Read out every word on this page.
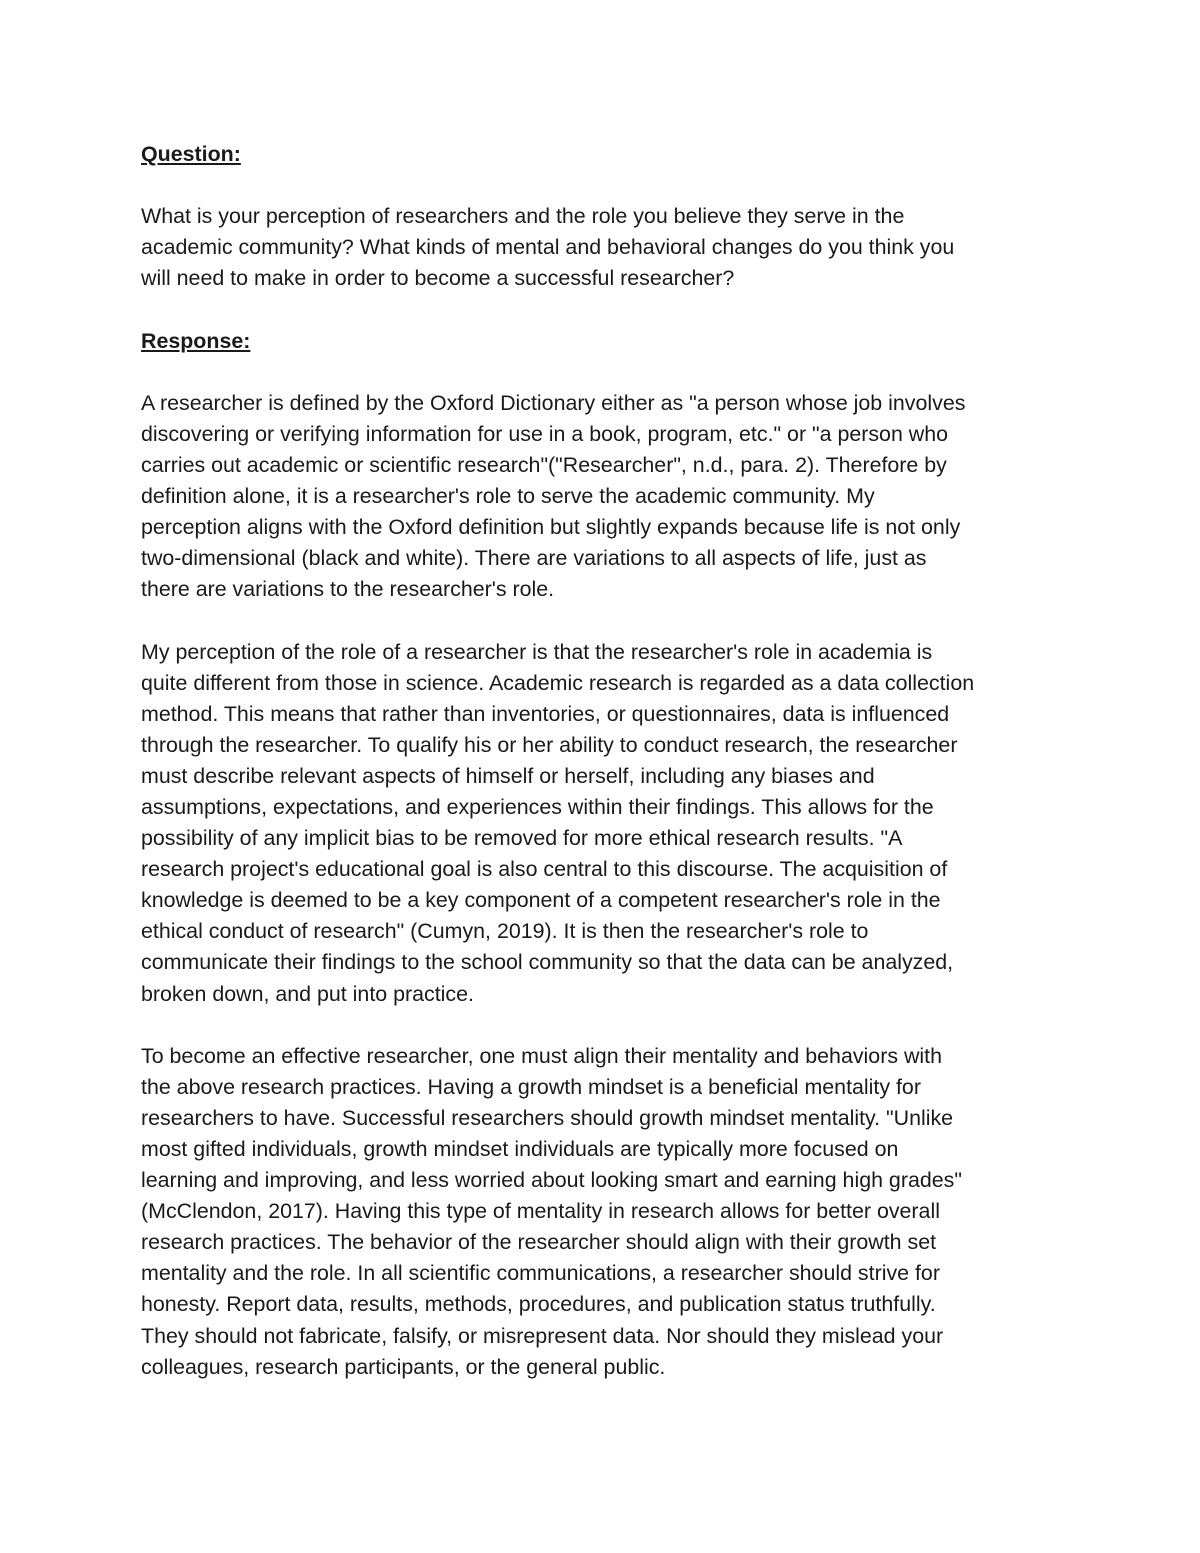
Question:

What is your perception of researchers and the role you believe they serve in the
academic community? What kinds of mental and behavioral changes do you think you
will need to make in order to become a successful researcher?

Response:

A researcher is defined by the Oxford Dictionary either as "a person whose job involves
discovering or verifying information for use in a book, program, etc." or "a person who
carries out academic or scientific research"("Researcher", n.d., para. 2). Therefore by
definition alone, it is a researcher's role to serve the academic community. My
perception aligns with the Oxford definition but slightly expands because life is not only
two-dimensional (black and white). There are variations to all aspects of life, just as
there are variations to the researcher's role.

My perception of the role of a researcher is that the researcher's role in academia is
quite different from those in science. Academic research is regarded as a data collection
method. This means that rather than inventories, or questionnaires, data is influenced
through the researcher. To qualify his or her ability to conduct research, the researcher
must describe relevant aspects of himself or herself, including any biases and
assumptions, expectations, and experiences within their findings. This allows for the
possibility of any implicit bias to be removed for more ethical research results. "A
research project's educational goal is also central to this discourse. The acquisition of
knowledge is deemed to be a key component of a competent researcher's role in the
ethical conduct of research" (Cumyn, 2019). It is then the researcher's role to
communicate their findings to the school community so that the data can be analyzed,
broken down, and put into practice.

To become an effective researcher, one must align their mentality and behaviors with
the above research practices. Having a growth mindset is a beneficial mentality for
researchers to have. Successful researchers should growth mindset mentality. "Unlike
most gifted individuals, growth mindset individuals are typically more focused on
learning and improving, and less worried about looking smart and earning high grades"
(McClendon, 2017). Having this type of mentality in research allows for better overall
research practices. The behavior of the researcher should align with their growth set
mentality and the role. In all scientific communications, a researcher should strive for
honesty. Report data, results, methods, procedures, and publication status truthfully.
They should not fabricate, falsify, or misrepresent data. Nor should they mislead your
colleagues, research participants, or the general public.
